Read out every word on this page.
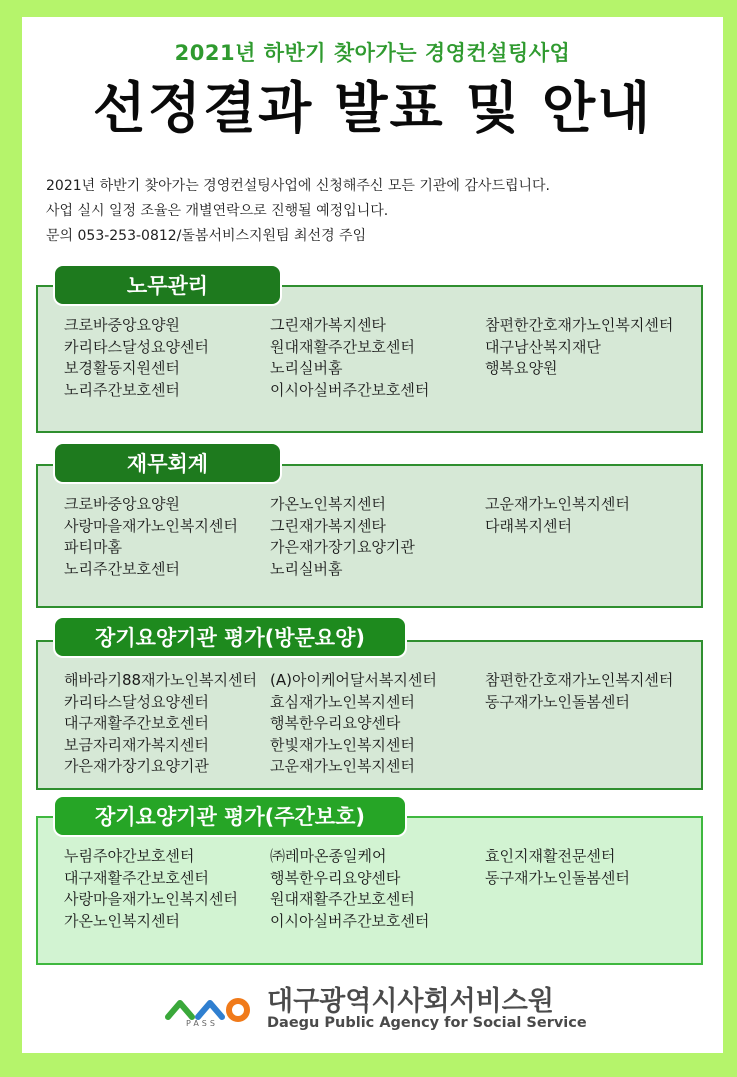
2021년 하반기 찾아가는 경영컨설팅사업
선정결과 발표 및 안내
2021년 하반기 찾아가는 경영컨설팅사업에 신청해주신 모든 기관에 감사드립니다.
사업 실시 일정 조율은 개별연락으로 진행될 예정입니다.
문의 053-253-0812/돌봄서비스지원팀 최선경 주임
크로바중앙요양원
카리타스달성요양센터
보경활동지원센터
노리주간보호센터
그린재가복지센타
원대재활주간보호센터
노리실버홈
이시아실버주간보호센터
참편한간호재가노인복지센터
대구남산복지재단
행복요양원
노무관리
크로바중앙요양원
사랑마을재가노인복지센터
파티마홈
노리주간보호센터
가온노인복지센터
그린재가복지센타
가은재가장기요양기관
노리실버홈
고운재가노인복지센터
다래복지센터
재무회계
해바라기88재가노인복지센터
카리타스달성요양센터
대구재활주간보호센터
보금자리재가복지센터
가은재가장기요양기관
(A)아이케어달서복지센터
효심재가노인복지센터
행복한우리요양센타
한빛재가노인복지센터
고운재가노인복지센터
참편한간호재가노인복지센터
동구재가노인돌봄센터
장기요양기관 평가(방문요양)
누림주야간보호센터
대구재활주간보호센터
사랑마을재가노인복지센터
가온노인복지센터
㈜레마온종일케어
행복한우리요양센타
원대재활주간보호센터
이시아실버주간보호센터
효인지재활전문센터
동구재가노인돌봄센터
장기요양기관 평가(주간보호)
PASS
대구광역시사회서비스원
Daegu Public Agency for Social Service
